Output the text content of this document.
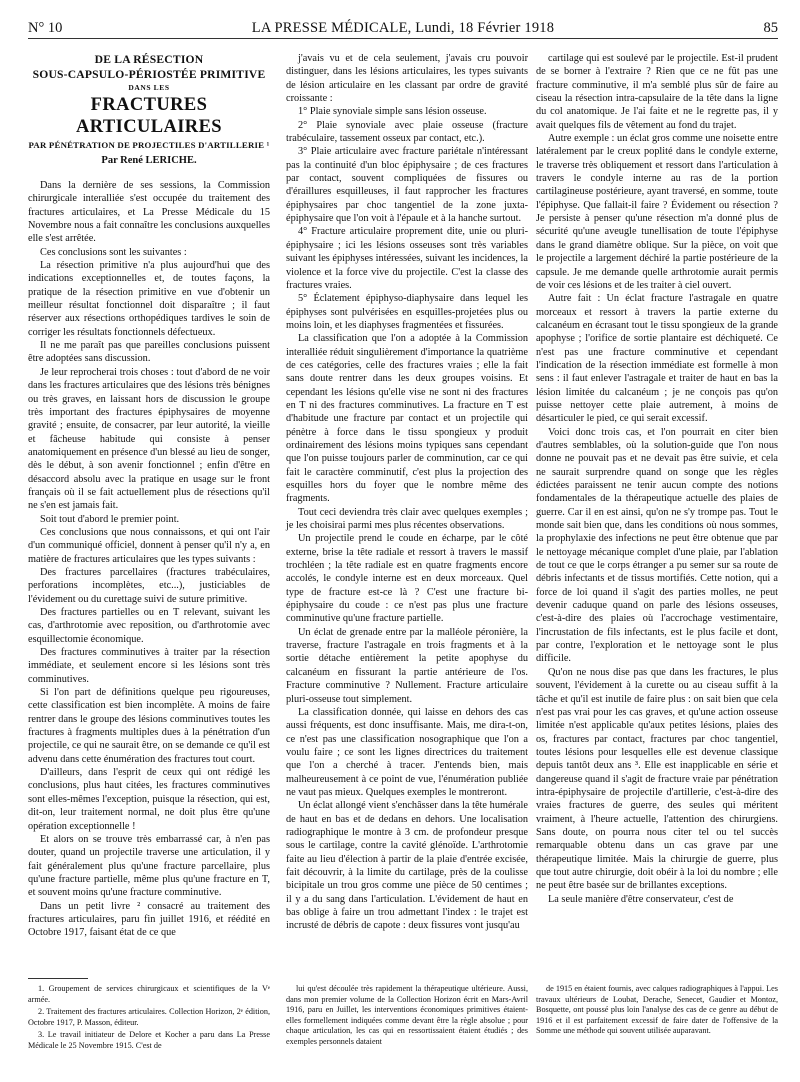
N° 10	LA PRESSE MÉDICALE, Lundi, 18 Février 1918	85
DE LA RÉSECTION
SOUS-CAPSULO-PÉRIOSTÉE PRIMITIVE
DANS LES
FRACTURES ARTICULAIRES
PAR PÉNÉTRATION DE PROJECTILES D'ARTILLERIE ¹
Par René LERICHE.

Dans la dernière de ses sessions, la Commission chirurgicale interalliée s'est occupée du traitement des fractures articulaires, et La Presse Médicale du 15 Novembre nous a fait connaître les conclusions auxquelles elle s'est arrêtée.

Ces conclusions sont les suivantes :

La résection primitive n'a plus aujourd'hui que des indications exceptionnelles et, de toutes façons, la pratique de la résection primitive en vue d'obtenir un meilleur résultat fonctionnel doit disparaître ; il faut réserver aux résections orthopédiques tardives le soin de corriger les résultats fonctionnels défectueux.

Il ne me paraît pas que pareilles conclusions puissent être adoptées sans discussion.

Je leur reprocherai trois choses : tout d'abord de ne voir dans les fractures articulaires que des lésions très bénignes ou très graves, en laissant hors de discussion le groupe très important des fractures épiphysaires de moyenne gravité ; ensuite, de consacrer, par leur autorité, la vieille et fâcheuse habitude qui consiste à penser anatomiquement en présence d'un blessé au lieu de songer, dès le début, à son avenir fonctionnel ; enfin d'être en désaccord absolu avec la pratique en usage sur le front français où il se fait actuellement plus de résections qu'il ne s'en est jamais fait.

Soit tout d'abord le premier point.

Ces conclusions que nous connaissons, et qui ont l'air d'un communiqué officiel, donnent à penser qu'il n'y a, en matière de fractures articulaires que les types suivants :

Des fractures parcellaires (fractures trabéculaires, perforations incomplètes, etc...), justiciables de l'évidement ou du curettage suivi de suture primitive.

Des fractures partielles ou en T relevant, suivant les cas, d'arthrotomie avec reposition, ou d'arthrotomie avec esquillectomie économique.

Des fractures comminutives à traiter par la résection immédiate, et seulement encore si les lésions sont très comminutives.

Si l'on part de définitions quelque peu rigoureuses, cette classification est bien incomplète. A moins de faire rentrer dans le groupe des lésions comminutives toutes les fractures à fragments multiples dues à la pénétration d'un projectile, ce qui ne saurait être, on se demande ce qu'il est advenu dans cette énumération des fractures tout court.

D'ailleurs, dans l'esprit de ceux qui ont rédigé les conclusions, plus haut citées, les fractures comminutives sont elles-mêmes l'exception, puisque la résection, qui est, dit-on, leur traitement normal, ne doit plus être qu'une opération exceptionnelle !

Et alors on se trouve très embarrassé car, à n'en pas douter, quand un projectile traverse une articulation, il y fait généralement plus qu'une fracture parcellaire, plus qu'une fracture partielle, même plus qu'une fracture en T, et souvent moins qu'une fracture comminutive.

Dans un petit livre ² consacré au traitement des fractures articulaires, paru fin juillet 1916, et réédité en Octobre 1917, faisant état de ce que

j'avais vu et de cela seulement, j'avais cru pouvoir distinguer, dans les lésions articulaires, les types suivants de lésion articulaire en les classant par ordre de gravité croissante :

1° Plaie synoviale simple sans lésion osseuse.

2° Plaie synoviale avec plaie osseuse (fracture trabéculaire, tassement osseux par contact, etc.).

3° Plaie articulaire avec fracture pariétale n'intéressant pas la continuité d'un bloc épiphysaire ; de ces fractures par contact, souvent compliquées de fissures ou d'éraillures esquilleuses, il faut rapprocher les fractures épiphysaires par choc tangentiel de la zone juxta-épiphysaire que l'on voit à l'épaule et à la hanche surtout.

4° Fracture articulaire proprement dite, unie ou pluri-épiphysaire ; ici les lésions osseuses sont très variables suivant les épiphyses intéressées, suivant les incidences, la violence et la force vive du projectile. C'est la classe des fractures vraies.

5° Éclatement épiphyso-diaphysaire dans lequel les épiphyses sont pulvérisées en esquilles-projetées plus ou moins loin, et les diaphyses fragmentées et fissurées.

La classification que l'on a adoptée à la Commission interalliée réduit singulièrement d'importance la quatrième de ces catégories, celle des fractures vraies ; elle la fait sans doute rentrer dans les deux groupes voisins. Et cependant les lésions qu'elle vise ne sont ni des fractures en T ni des fractures comminutives. La fracture en T est d'habitude une fracture par contact et un projectile qui pénètre à force dans le tissu spongieux y produit ordinairement des lésions moins typiques sans cependant que l'on puisse toujours parler de comminution, car ce qui fait le caractère comminutif, c'est plus la projection des esquilles hors du foyer que le nombre même des fragments.

Tout ceci deviendra très clair avec quelques exemples ; je les choisirai parmi mes plus récentes observations.

Un projectile prend le coude en écharpe, par le côté externe, brise la tête radiale et ressort à travers le massif trochléen ; la tête radiale est en quatre fragments encore accolés, le condyle interne est en deux morceaux. Quel type de fracture est-ce là ? C'est une fracture bi-épiphysaire du coude : ce n'est pas plus une fracture comminutive qu'une fracture partielle.

Un éclat de grenade entre par la malléole péronière, la traverse, fracture l'astragale en trois fragments et à la sortie détache entièrement la petite apophyse du calcanéum en fissurant la partie antérieure de l'os. Fracture comminutive ? Nullement. Fracture articulaire pluri-osseuse tout simplement.

La classification donnée, qui laisse en dehors des cas aussi fréquents, est donc insuffisante. Mais, me dira-t-on, ce n'est pas une classification nosographique que l'on a voulu faire ; ce sont les lignes directrices du traitement que l'on a cherché à tracer. J'entends bien, mais malheureusement à ce point de vue, l'énumération publiée ne vaut pas mieux. Quelques exemples le montreront.

Un éclat allongé vient s'enchâsser dans la tête humérale de haut en bas et de dedans en dehors. Une localisation radiographique le montre à 3 cm. de profondeur presque sous le cartilage, contre la cavité glénoïde. L'arthrotomie faite au lieu d'élection à partir de la plaie d'entrée excisée, fait découvrir, à la limite du cartilage, près de la coulisse bicipitale un trou gros comme une pièce de 50 centimes ; il y a du sang dans l'articulation. L'évidement de haut en bas oblige à faire un trou admettant l'index : le trajet est incrusté de débris de capote : deux fissures vont jusqu'au

cartilage qui est soulevé par le projectile. Est-il prudent de se borner à l'extraire ? Rien que ce ne fût pas une fracture comminutive, il m'a semblé plus sûr de faire au ciseau la résection intra-capsulaire de la tête dans la ligne du col anatomique. Je l'ai faite et ne le regrette pas, il y avait quelques fils de vêtement au fond du trajet.

Autre exemple : un éclat gros comme une noisette entre latéralement par le creux poplité dans le condyle externe, le traverse très obliquement et ressort dans l'articulation à travers le condyle interne au ras de la portion cartilagineuse postérieure, ayant traversé, en somme, toute l'épiphyse. Que fallait-il faire ? Évidement ou résection ? Je persiste à penser qu'une résection m'a donné plus de sécurité qu'une aveugle tunellisation de toute l'épiphyse dans le grand diamètre oblique. Sur la pièce, on voit que le projectile a largement déchiré la partie postérieure de la capsule. Je me demande quelle arthrotomie aurait permis de voir ces lésions et de les traiter à ciel ouvert.

Autre fait : Un éclat fracture l'astragale en quatre morceaux et ressort à travers la partie externe du calcanéum en écrasant tout le tissu spongieux de la grande apophyse ; l'orifice de sortie plantaire est déchiqueté. Ce n'est pas une fracture comminutive et cependant l'indication de la résection immédiate est formelle à mon sens : il faut enlever l'astragale et traiter de haut en bas la lésion limitée du calcanéum ; je ne conçois pas qu'on puisse nettoyer cette plaie autrement, à moins de désarticuler le pied, ce qui serait excessif.

Voici donc trois cas, et l'on pourrait en citer bien d'autres semblables, où la solution-guide que l'on nous donne ne pouvait pas et ne devait pas être suivie, et cela ne saurait surprendre quand on songe que les règles édictées paraissent ne tenir aucun compte des notions fondamentales de la thérapeutique actuelle des plaies de guerre. Car il en est ainsi, qu'on ne s'y trompe pas. Tout le monde sait bien que, dans les conditions où nous sommes, la prophylaxie des infections ne peut être obtenue que par le nettoyage mécanique complet d'une plaie, par l'ablation de tout ce que le corps étranger a pu semer sur sa route de débris infectants et de tissus mortifiés. Cette notion, qui a force de loi quand il s'agit des parties molles, ne peut devenir caduque quand on parle des lésions osseuses, c'est-à-dire des plaies où l'accrochage vestimentaire, l'incrustation de fils infectants, est le plus facile et dont, par contre, l'exploration et le nettoyage sont le plus difficile.

Qu'on ne nous dise pas que dans les fractures, le plus souvent, l'évidement à la curette ou au ciseau suffit à la tâche et qu'il est inutile de faire plus : on sait bien que cela n'est pas vrai pour les cas graves, et qu'une action osseuse limitée n'est applicable qu'aux petites lésions, plaies des os, fractures par contact, fractures par choc tangentiel, toutes lésions pour lesquelles elle est devenue classique depuis tantôt deux ans ³. Elle est inapplicable en série et dangereuse quand il s'agit de fracture vraie par pénétration intra-épiphysaire de projectile d'artillerie, c'est-à-dire des vraies fractures de guerre, des seules qui méritent vraiment, à l'heure actuelle, l'attention des chirurgiens. Sans doute, on pourra nous citer tel ou tel succès remarquable obtenu dans un cas grave par une thérapeutique limitée. Mais la chirurgie de guerre, plus que tout autre chirurgie, doit obéir à la loi du nombre ; elle ne peut être basée sur de brillantes exceptions.

La seule manière d'être conservateur, c'est de

1. Groupement de services chirurgicaux et scientifiques de la Vᵉ armée.

2. Traitement des fractures articulaires. Collection Horizon, 2ᵉ édition, Octobre 1917, P. Masson, éditeur.

3. Le travail initiateur de Delore et Kocher a paru dans La Presse Médicale le 25 Novembre 1915. C'est de

lui qu'est découlée très rapidement la thérapeutique ultérieure. Aussi, dans mon premier volume de la Collection Horizon écrit en Mars-Avril 1916, paru en Juillet, les interventions économiques primitives étaient-elles formellement indiquées comme devant être la règle absolue ; pour chaque articulation, les cas qui en ressortissaient étaient étudiés ; des exemples personnels dataient

de 1915 en étaient fournis, avec calques radiographiques à l'appui. Les travaux ultérieurs de Loubat, Derache, Senecet, Gaudier et Montoz, Bosquette, ont poussé plus loin l'analyse des cas de ce genre au début de 1916 et il est parfaitement excessif de faire dater de l'offensive de la Somme une méthode qui souvent utilisée auparavant.
